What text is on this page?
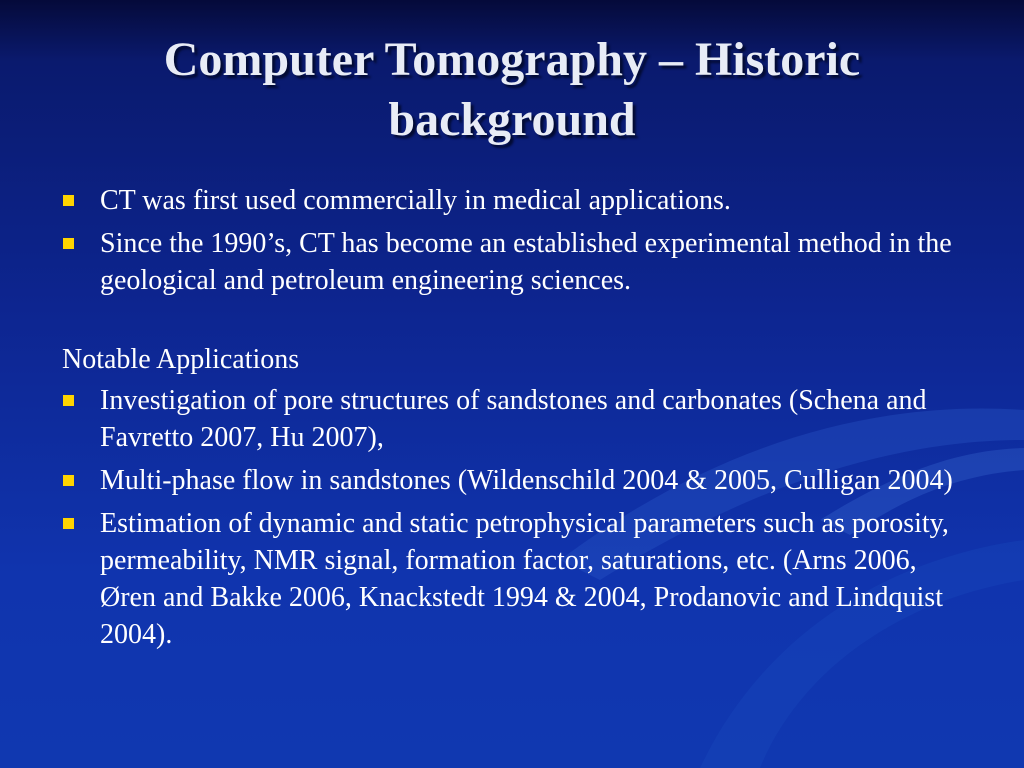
Computer Tomography – Historic background
CT was first used commercially in medical applications.
Since the 1990’s, CT has become an established experimental method in the geological and petroleum engineering sciences.
Notable Applications
Investigation of pore structures of sandstones and carbonates (Schena and Favretto 2007, Hu 2007),
Multi-phase flow in sandstones (Wildenschild 2004 & 2005, Culligan 2004)
Estimation of dynamic and static petrophysical parameters such as porosity, permeability, NMR signal, formation factor, saturations, etc. (Arns 2006, Øren and Bakke 2006, Knackstedt 1994 & 2004, Prodanovic and Lindquist 2004).
